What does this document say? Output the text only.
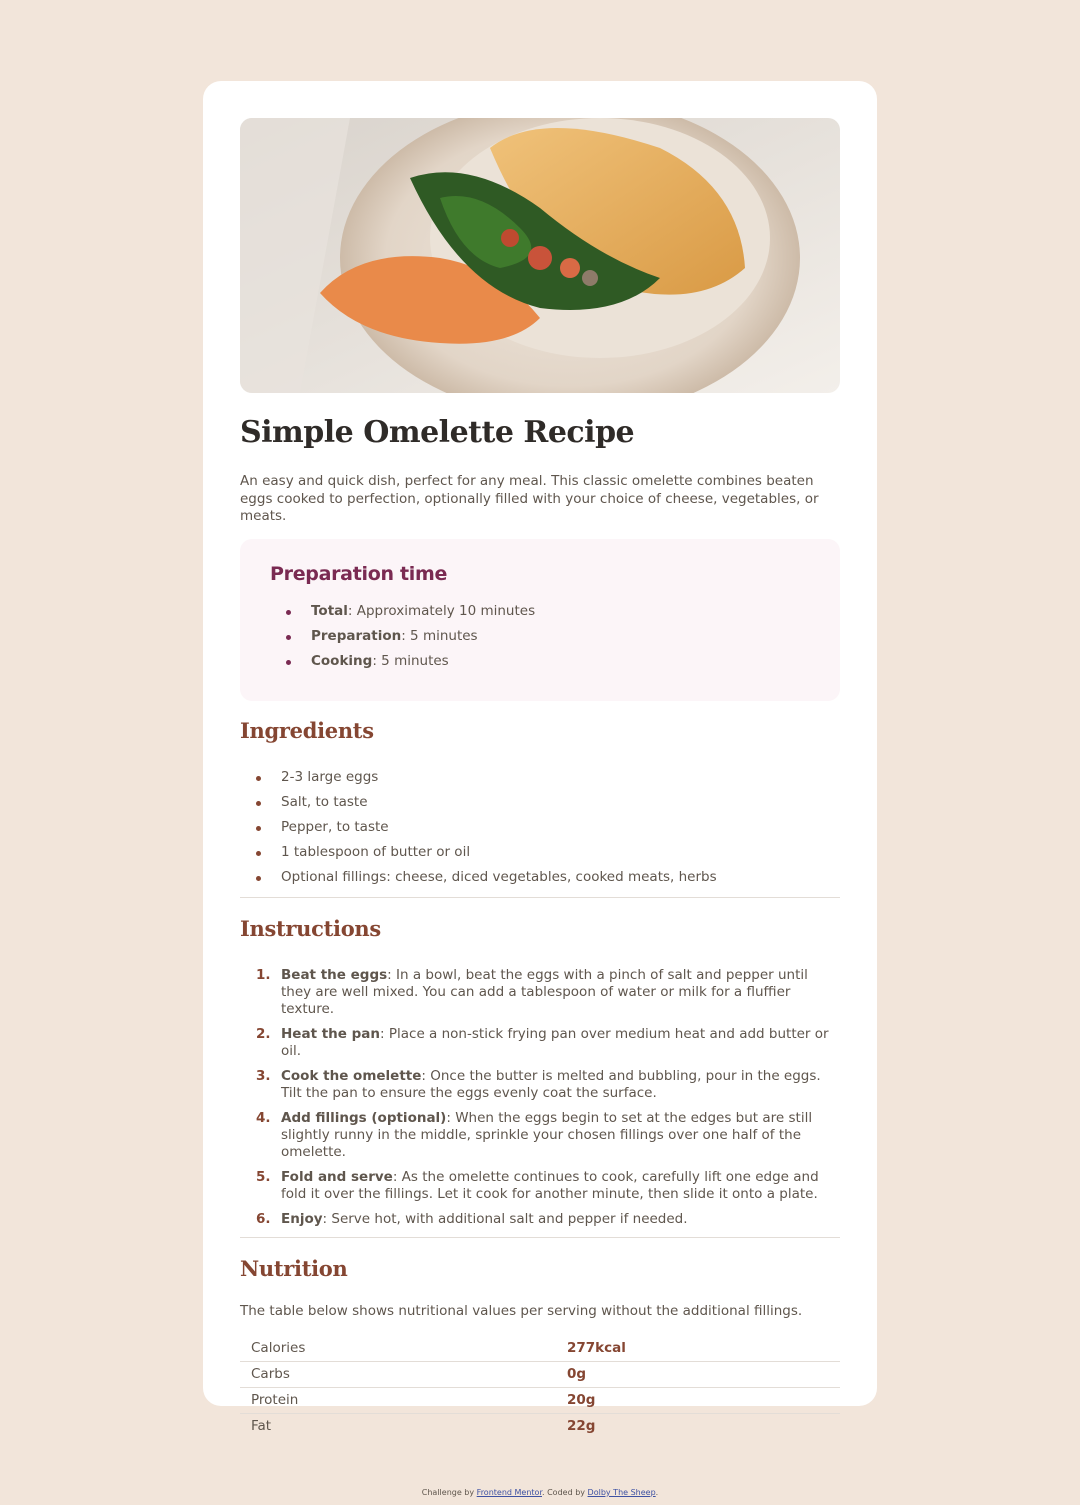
Simple Omelette Recipe

An easy and quick dish, perfect for any meal. This classic omelette combines beaten eggs cooked to perfection, optionally filled with your choice of cheese, vegetables, or meats.

Preparation time
Total: Approximately 10 minutes
Preparation: 5 minutes
Cooking: 5 minutes
Ingredients
2-3 large eggs
Salt, to taste
Pepper, to taste
1 tablespoon of butter or oil
Optional fillings: cheese, diced vegetables, cooked meats, herbs
Instructions
1. Beat the eggs: In a bowl, beat the eggs with a pinch of salt and pepper until they are well mixed. You can add a tablespoon of water or milk for a fluffier texture.
2. Heat the pan: Place a non-stick frying pan over medium heat and add butter or oil.
3. Cook the omelette: Once the butter is melted and bubbling, pour in the eggs. Tilt the pan to ensure the eggs evenly coat the surface.
4. Add fillings (optional): When the eggs begin to set at the edges but are still slightly runny in the middle, sprinkle your chosen fillings over one half of the omelette.
5. Fold and serve: As the omelette continues to cook, carefully lift one edge and fold it over the fillings. Let it cook for another minute, then slide it onto a plate.
6. Enjoy: Serve hot, with additional salt and pepper if needed.
Nutrition

The table below shows nutritional values per serving without the additional fillings.

Calories	277kcal
Carbs	0g
Protein	20g
Fat	22g
Challenge by Frontend Mentor. Coded by Dolby The Sheep.
